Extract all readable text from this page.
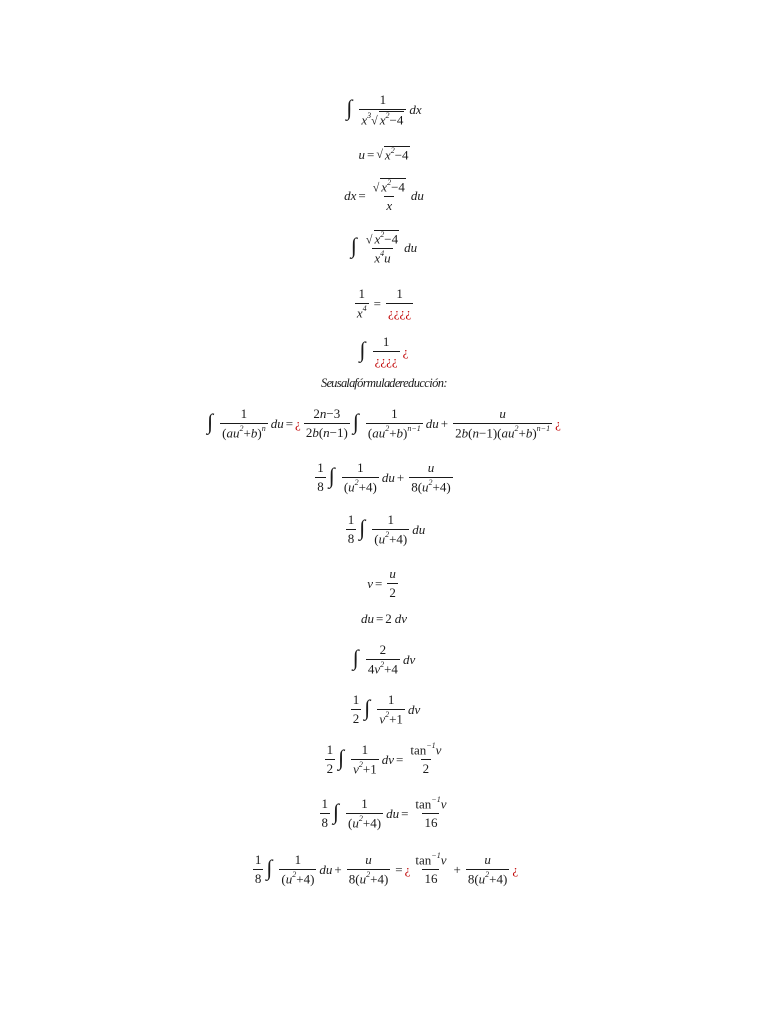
∫ $\frac{1}{x^3√ x^2-4}$ dx
u = √ $x^2-4$
dx = $\frac{√ x^2-4}{x}$ du
∫ $\frac{√ x^2-4}{x^4u}$ du
$\frac{1}{x^4} = \frac{1}{¿¿¿¿}$
∫ $\frac{1}{¿¿¿¿}$ ¿
Se usa la fórmula de reducción:
∫ $\frac{1}{(au^2+b)^n}$ du = ¿ $\frac{2n-3}{2b(n-1)}$ ∫ $\frac{1}{(au^2+b)^{n-1}}$ du + $\frac{u}{2b(n-1)(au^2+b)^{n-1}}$ ¿
$\frac{1}{8}$ ∫ $\frac{1}{(u^2+4)}$ du + $\frac{u}{8(u^2+4)}$
$\frac{1}{8}$ ∫ $\frac{1}{(u^2+4)}$ du
$v = \frac{u}{2}$
du = 2 dv
∫ $\frac{2}{4v^2+4}$ dv
$\frac{1}{2}$ ∫ $\frac{1}{v^2+1}$ dv
$\frac{1}{2}$ ∫ $\frac{1}{v^2+1}$ dv = $\frac{\tan^{-1}v}{2}$
$\frac{1}{8}$ ∫ $\frac{1}{(u^2+4)}$ du = $\frac{\tan^{-1}v}{16}$
$\frac{1}{8}$ ∫ $\frac{1}{(u^2+4)}$ du + $\frac{u}{8(u^2+4)}$ = ¿ $\frac{\tan^{-1}v}{16} + \frac{u}{8(u^2+4)}$ ¿
